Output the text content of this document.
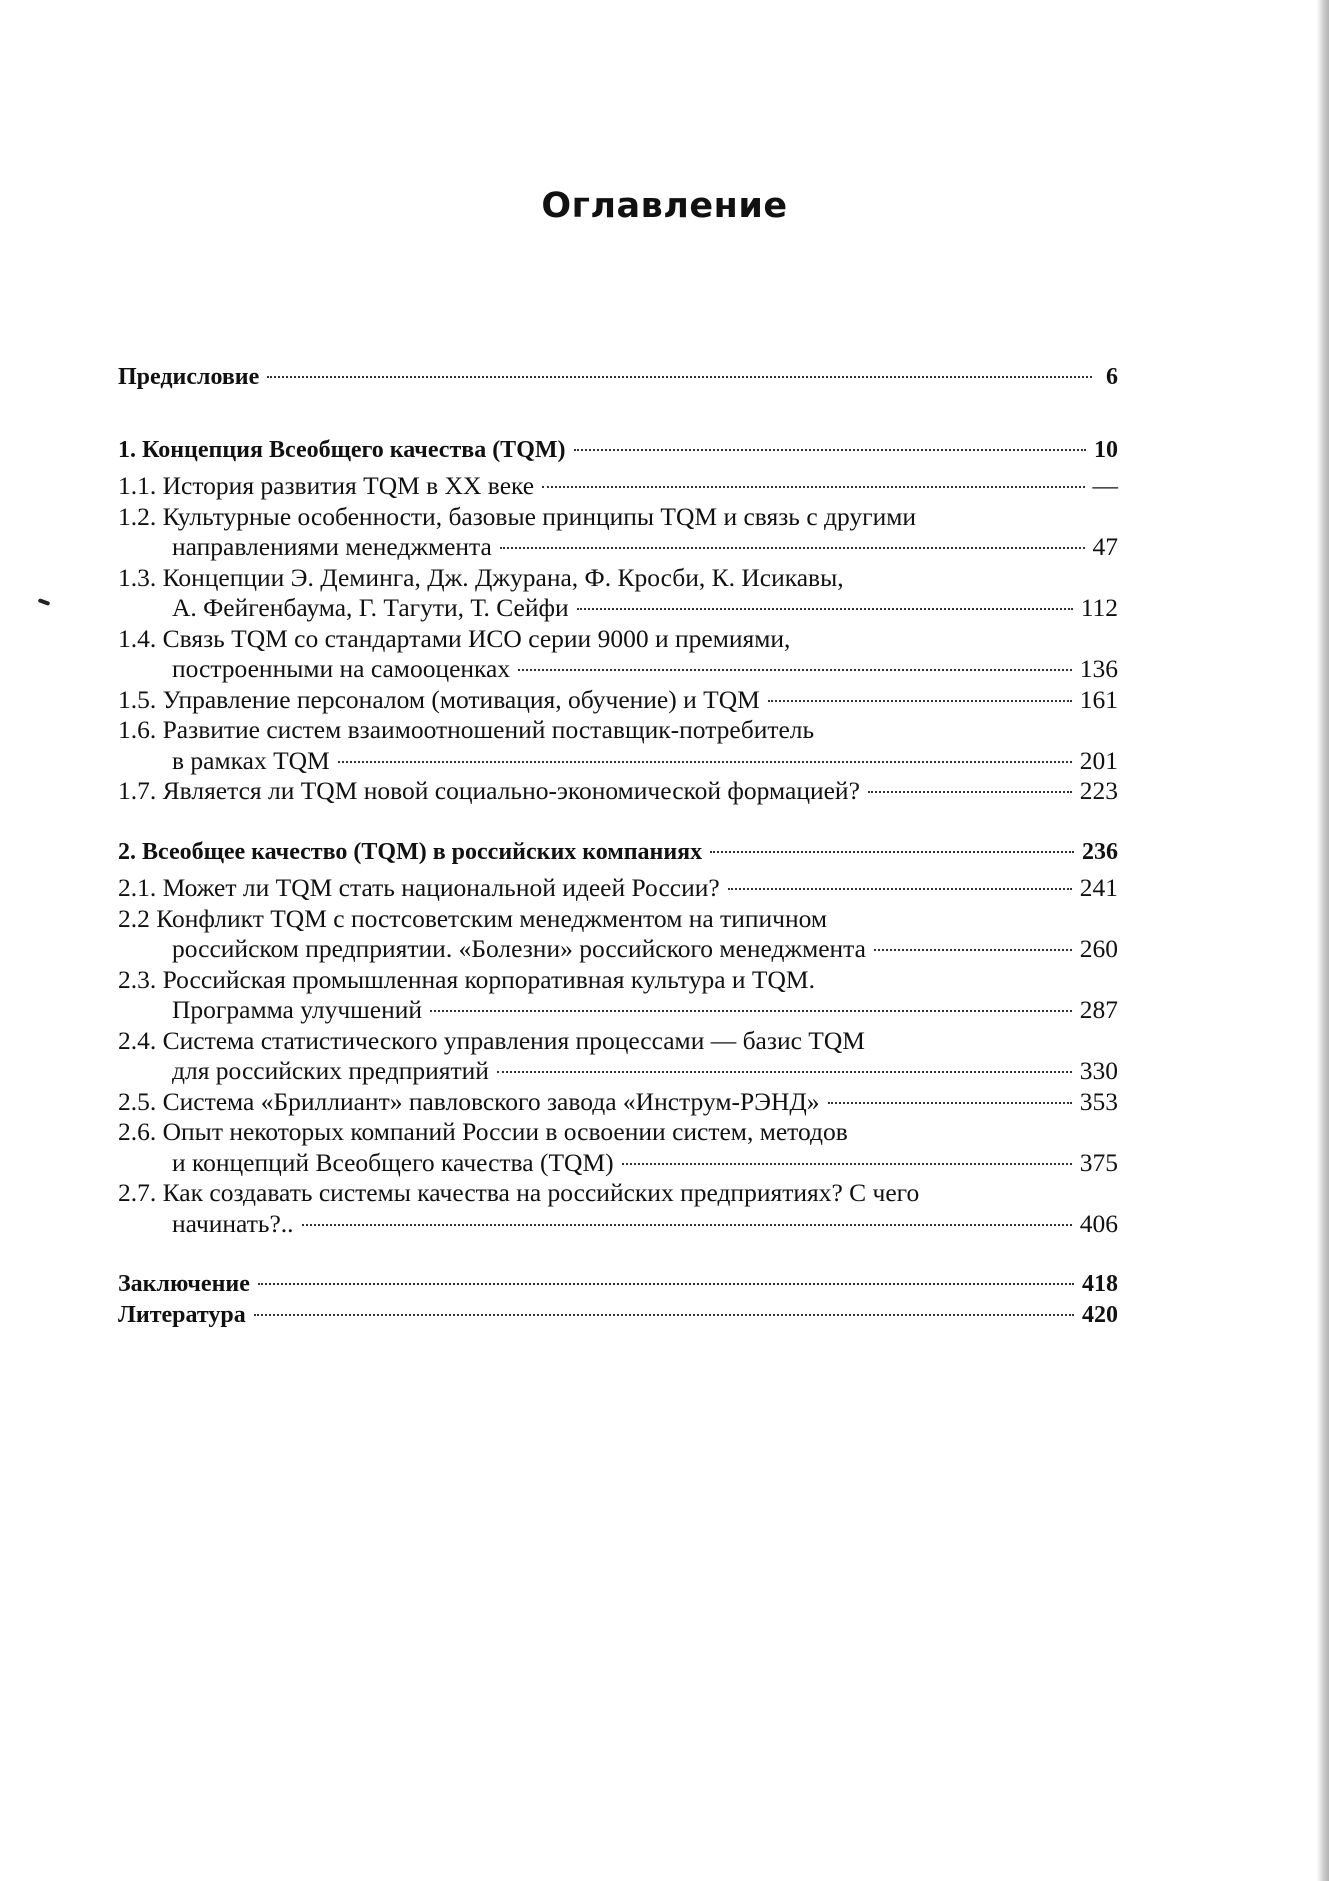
Оглавление
Предисловие	6
1. Концепция Всеобщего качества (TQM)	10
1.1. История развития TQM в XX веке	—
1.2. Культурные особенности, базовые принципы TQM и связь с другими
направлениями менеджмента	47
1.3. Концепции Э. Деминга, Дж. Джурана, Ф. Кросби, К. Исикавы,
А. Фейгенбаума, Г. Тагути, Т. Сейфи	112
1.4. Связь TQM со стандартами ИСО серии 9000 и премиями,
построенными на самооценках	136
1.5. Управление персоналом (мотивация, обучение) и TQM	161
1.6. Развитие систем взаимоотношений поставщик-потребитель
в рамках TQM	201
1.7. Является ли TQM новой социально-экономической формацией?	223
2. Всеобщее качество (TQM) в российских компаниях	236
2.1. Может ли TQM стать национальной идеей России?	241
2.2 Конфликт TQM с постсоветским менеджментом на типичном
российском предприятии. «Болезни» российского менеджмента	260
2.3. Российская промышленная корпоративная культура и TQM.
Программа улучшений	287
2.4. Система статистического управления процессами — базис TQM
для российских предприятий	330
2.5. Система «Бриллиант» павловского завода «Инструм-РЭНД»	353
2.6. Опыт некоторых компаний России в освоении систем, методов
и концепций Всеобщего качества (TQM)	375
2.7. Как создавать системы качества на российских предприятиях? С чего
начинать?..	406
Заключение	418
Литература	420
